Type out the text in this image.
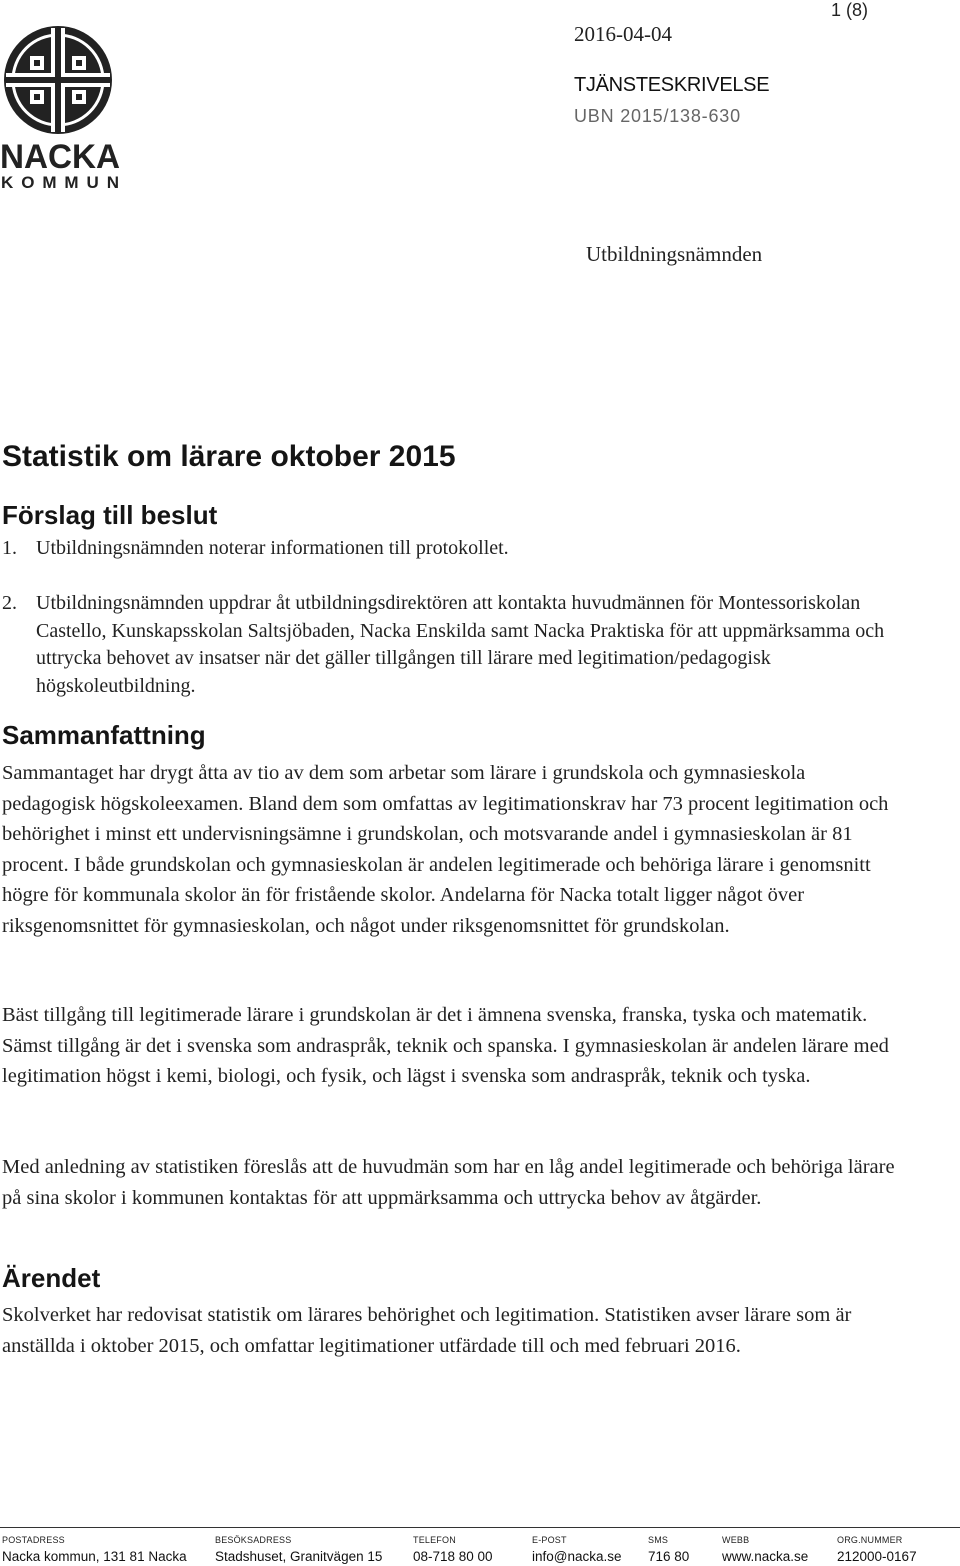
NACKA
KOMMUN
1 (8)
2016-04-04
TJÄNSTESKRIVELSE
UBN 2015/138-630
Utbildningsnämnden
Statistik om lärare oktober 2015
Förslag till beslut
1. Utbildningsnämnden noterar informationen till protokollet.
2. Utbildningsnämnden uppdrar åt utbildningsdirektören att kontakta huvudmännen för Montessoriskolan Castello, Kunskapsskolan Saltsjöbaden, Nacka Enskilda samt Nacka Praktiska för att uppmärksamma och uttrycka behovet av insatser när det gäller tillgången till lärare med legitimation/pedagogisk högskoleutbildning.
Sammanfattning

Sammantaget har drygt åtta av tio av dem som arbetar som lärare i grundskola och gymnasieskola pedagogisk högskoleexamen. Bland dem som omfattas av legitimationskrav har 73 procent legitimation och behörighet i minst ett undervisningsämne i grundskolan, och motsvarande andel i gymnasieskolan är 81 procent. I både grundskolan och gymnasieskolan är andelen legitimerade och behöriga lärare i genomsnitt högre för kommunala skolor än för fristående skolor. Andelarna för Nacka totalt ligger något över riksgenomsnittet för gymnasieskolan, och något under riksgenomsnittet för grundskolan.

Bäst tillgång till legitimerade lärare i grundskolan är det i ämnena svenska, franska, tyska och matematik. Sämst tillgång är det i svenska som andraspråk, teknik och spanska. I gymnasieskolan är andelen lärare med legitimation högst i kemi, biologi, och fysik, och lägst i svenska som andraspråk, teknik och tyska.

Med anledning av statistiken föreslås att de huvudmän som har en låg andel legitimerade och behöriga lärare på sina skolor i kommunen kontaktas för att uppmärksamma och uttrycka behov av åtgärder.

Ärendet

Skolverket har redovisat statistik om lärares behörighet och legitimation. Statistiken avser lärare som är anställda i oktober 2015, och omfattar legitimationer utfärdade till och med februari 2016.

POSTADRESS
Nacka kommun, 131 81 Nacka
BESÖKSADRESS
Stadshuset, Granitvägen 15
TELEFON
08-718 80 00
E-POST
info@nacka.se
SMS
716 80
WEBB
www.nacka.se
ORG.NUMMER
212000-0167
